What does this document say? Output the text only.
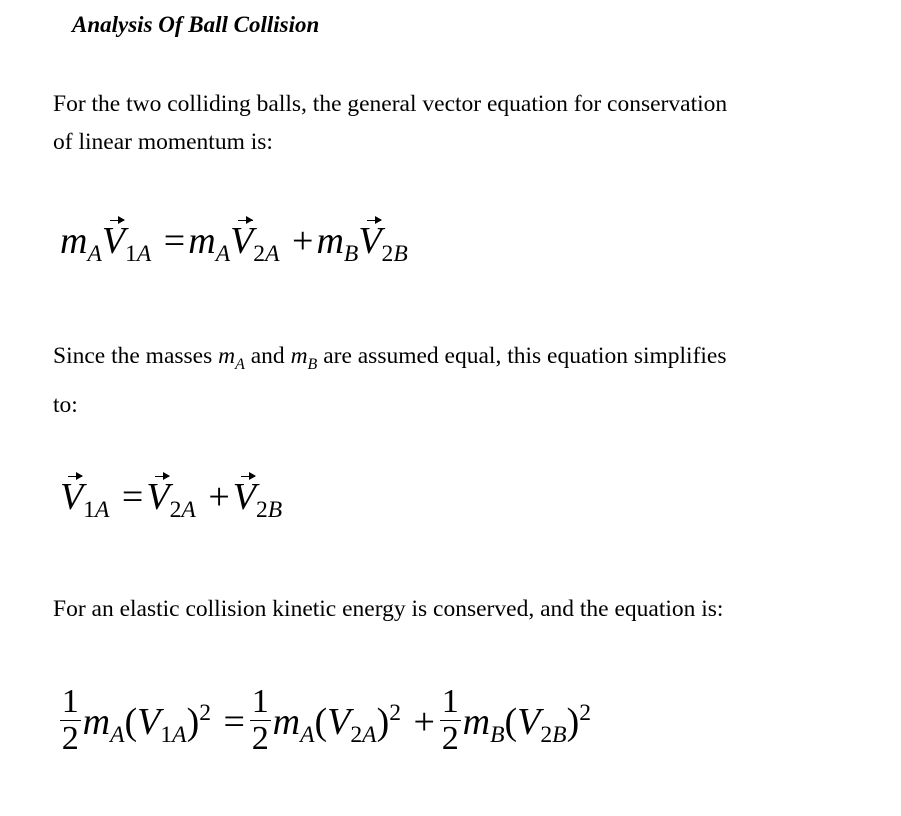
Analysis Of Ball Collision
For the two colliding balls, the general vector equation for conservation
of linear momentum is:
$m_AV_{1A} =m_AV_{2A} +m_BV_{2B}$
Since the masses $m_A$ and $m_B$ are assumed equal, this equation simplifies
to:
$V_{1A} =V_{2A} +V_{2B}$
For an elastic collision kinetic energy is conserved, and the equation is:
$\frac{1}{2} m_A(V_{1A})^2 = \frac{1}{2} m_A(V_{2A})^2 + \frac{1}{2} m_B(V_{2B})^2$
